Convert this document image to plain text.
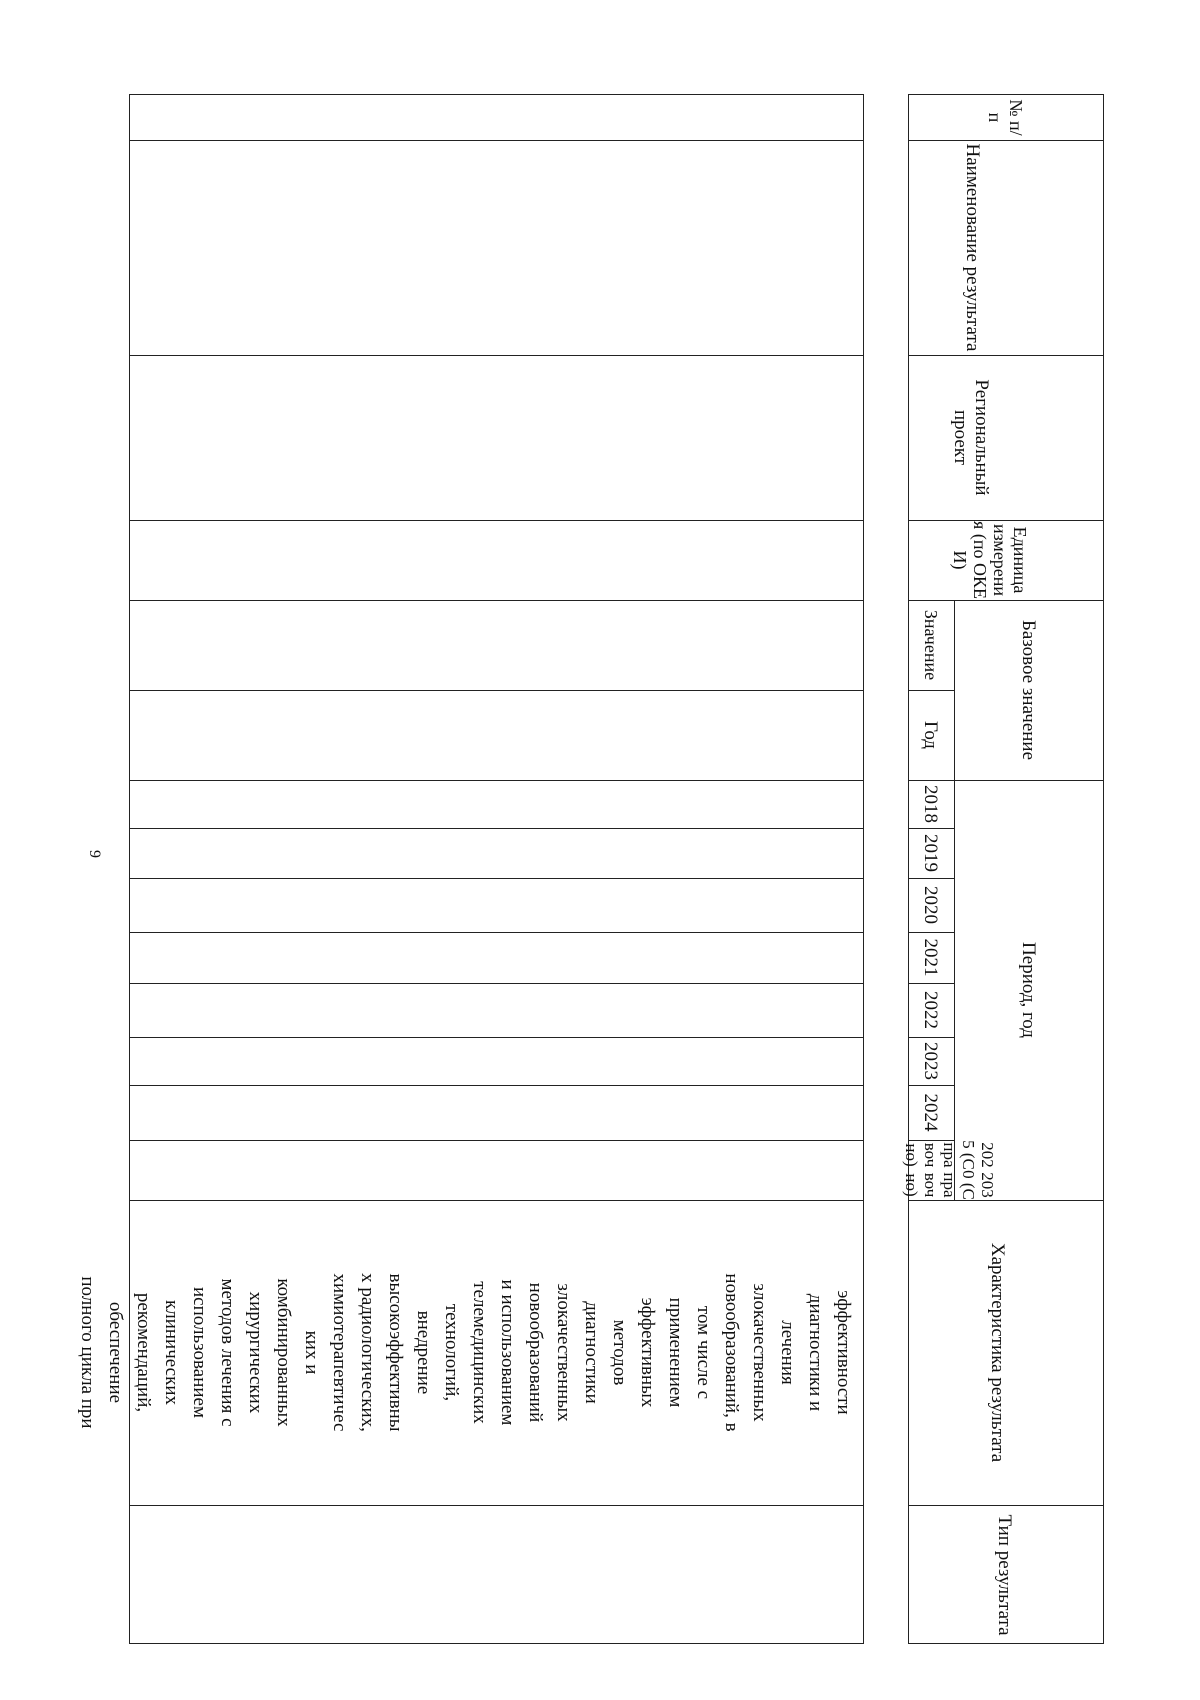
9
№ п/п
Наименование результата
Региональный проект
Единица измерения (по ОКЕИ)
Базовое значение
Значение
Год
Период, год
2018
2019
2020
2021
2022
2023
2024
2025 (Справочно)
2030 (Справочно)
Характеристика результата
Тип результата

эффективности

диагностики и

лечения

злокачественных

новообразований, в

том числе с

применением

эффективных

методов

диагностики

злокачественных

новообразований

и использованием

телемедицинских

технологий,

внедрение

высокоэффективны

х радиологических,

химиотерапевтичес

ких и

комбинированных

хирургических

методов лечения с

использованием

клинических

рекомендаций,

обеспечение

полного цикла при
